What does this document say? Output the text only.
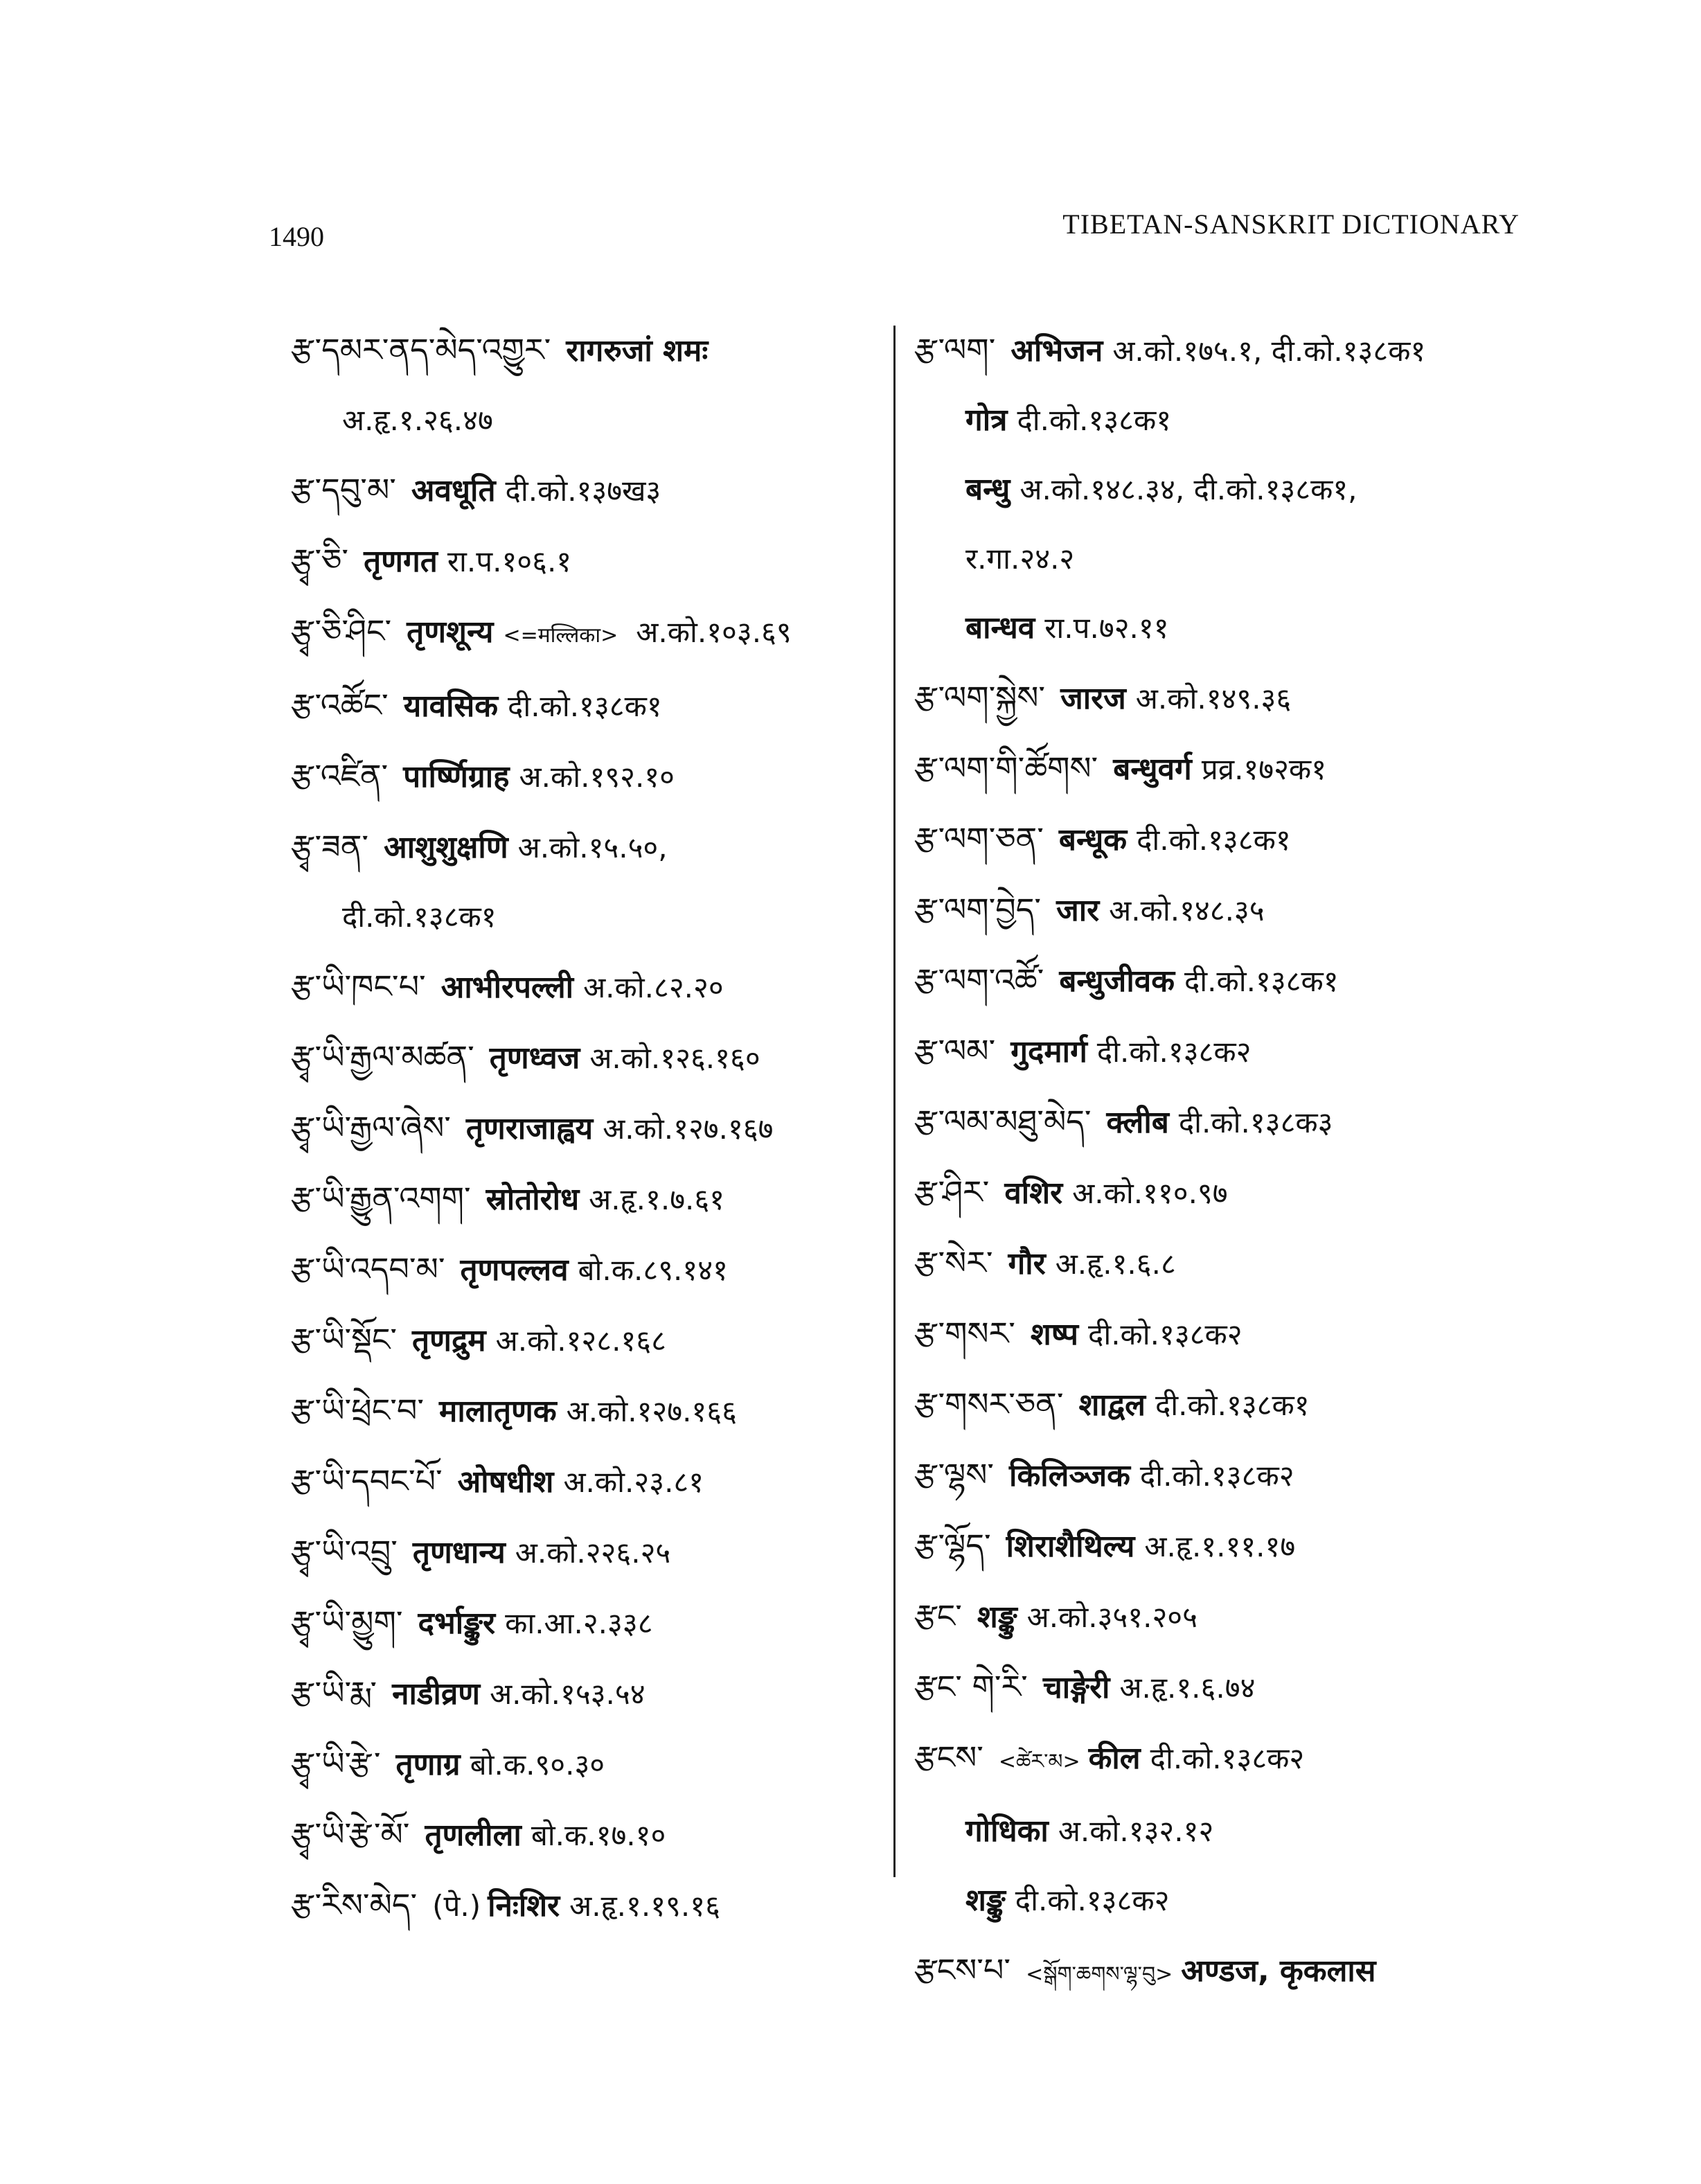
1490	TIBETAN-SANSKRIT DICTIONARY
རྩ་དམར་ནད་མེད་འགྱུར་ रागरुजां शमः
अ.हृ.१.२६.४७
རྩ་དབུ་མ་ अवधूति दी.को.१३७ख३
རྩྭ་ཅི་ तृणगत रा.प.१०६.१
རྩྭ་ཅི་ཤིང་ तृणशून्य <=मल्लिका> अ.को.१०३.६९
རྩ་འཚོང་ यावसिक दी.को.१३८क१
རྩ་འཛིན་ पार्ष्णिग्राह अ.को.१९२.१०
རྩྭ་ཟན་ आशुशुक्षणि अ.को.१५.५०,
दी.को.१३८क१
རྩ་ཡི་ཁང་པ་ आभीरपल्ली अ.को.८२.२०
རྩྭ་ཡི་རྒྱལ་མཚན་ तृणध्वज अ.को.१२६.१६०
རྩྭ་ཡི་རྒྱལ་ཞེས་ तृणराजाह्वय अ.को.१२७.१६७
རྩ་ཡི་རྒྱུན་འགག་ स्रोतोरोध अ.हृ.१.७.६१
རྩ་ཡི་འདབ་མ་ तृणपल्लव बो.क.८९.१४१
རྩ་ཡི་སྡོང་ तृणद्रुम अ.को.१२८.१६८
རྩ་ཡི་ཕྲེང་བ་ मालातृणक अ.को.१२७.१६६
རྩ་ཡི་དབང་པོ་ ओषधीश अ.को.२३.८१
རྩྭ་ཡི་འབྲུ་ तृणधान्य अ.को.२२६.२५
རྩྭ་ཡི་མྱུག་ दर्भाङ्कुर का.आ.२.३३८
རྩ་ཡི་རྨ་ नाडीव्रण अ.को.१५३.५४
རྩྭ་ཡི་རྩེ་ तृणाग्र बो.क.९०.३०
རྩྭ་ཡི་རྩེ་མོ་ तृणलीला बो.क.१७.१०
རྩ་རིས་མེད་ (पे.) निःशिर अ.हृ.१.१९.१६
རྩ་ལག་ अभिजन अ.को.१७५.१, दी.को.१३८क१
गोत्र दी.को.१३८क१
बन्धु अ.को.१४८.३४, दी.को.१३८क१,
र.गा.२४.२
बान्धव रा.प.७२.११
རྩ་ལག་སྐྱེས་ जारज अ.को.१४९.३६
རྩ་ལག་གི་ཚོགས་ बन्धुवर्ग प्रव्र.१७२क१
རྩ་ལག་ཅན་ बन्धूक दी.को.१३८क१
རྩ་ལག་བྱེད་ जार अ.को.१४८.३५
རྩ་ལག་འཚོ་ बन्धुजीवक दी.को.१३८क१
རྩ་ལམ་ गुदमार्ग दी.को.१३८क२
རྩ་ལམ་མཐུ་མེད་ क्लीब दी.को.१३८क३
རྩ་ཤིར་ वशिर अ.को.११०.९७
རྩ་སེར་ गौर अ.हृ.१.६.८
རྩ་གསར་ शष्प दी.को.१३८क२
རྩ་གསར་ཅན་ शाद्वल दी.को.१३८क१
རྩ་ལྷས་ किलिञ्जक दी.को.१३८क२
རྩ་ལྷོད་ शिराशैथिल्य अ.हृ.१.११.१७
རྩང་ शङ्कु अ.को.३५१.२०५
རྩང་ གེ་རི་ चाङ्गेरी अ.हृ.१.६.७४
རྩངས་ <ཚེར་མ> कील दी.को.१३८क२
गोधिका अ.को.१३२.१२
शङ्कु दी.को.१३८क२
རྩངས་པ་ <སྒོག་ཆགས་ལྷ་བུ> अण्डज, कृकलास
